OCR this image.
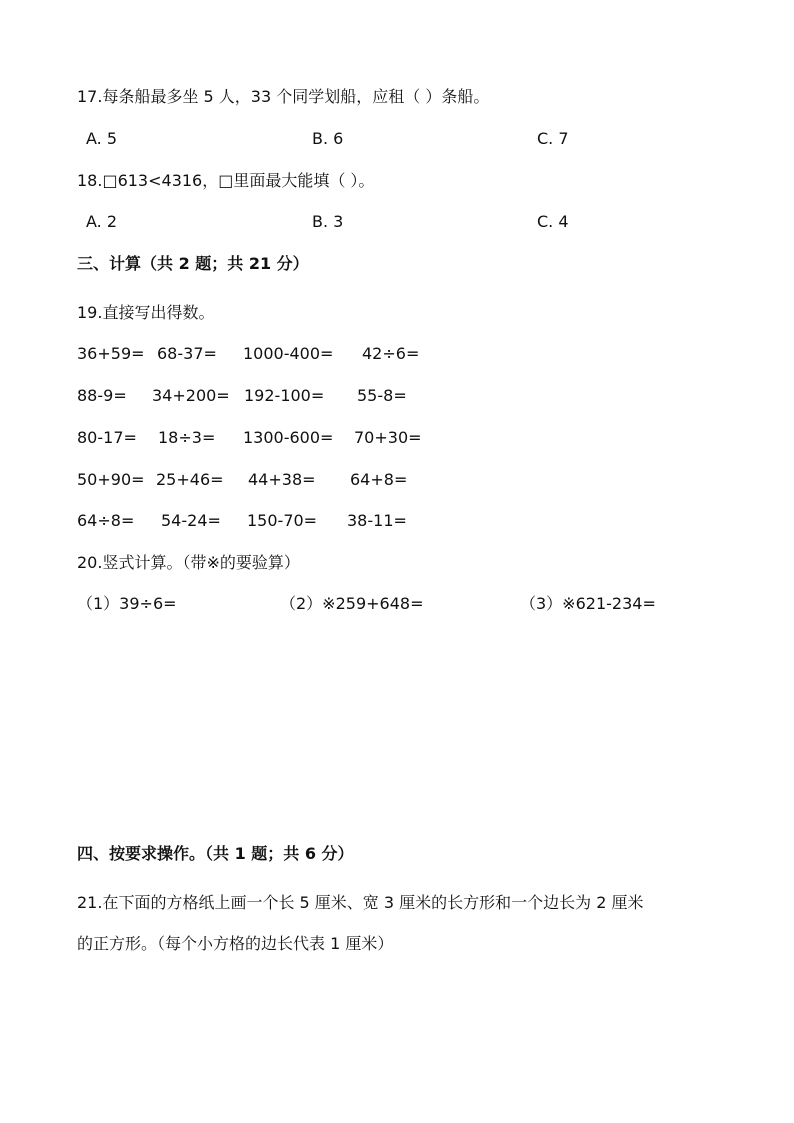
17.每条船最多坐 5 人，33 个同学划船，应租（ ）条船。
A. 5	B. 6	C. 7
18.□613<4316，□里面最大能填（ ）。
A. 2	B. 3	C. 4
三、计算（共 2 题；共 21 分）
19.直接写出得数。
36+59= 68-37= 1000-400= 42÷6=
88-9= 34+200= 192-100= 55-8=
80-17= 18÷3= 1300-600= 70+30=
50+90= 25+46= 44+38= 64+8=
64÷8= 54-24= 150-70= 38-11=
20.竖式计算。（带※的要验算）
（1）39÷6=	（2）※259+648=	（3）※621-234=
四、按要求操作。（共 1 题；共 6 分）
21.在下面的方格纸上画一个长 5 厘米、宽 3 厘米的长方形和一个边长为 2 厘米
的正方形。（每个小方格的边长代表 1 厘米）
